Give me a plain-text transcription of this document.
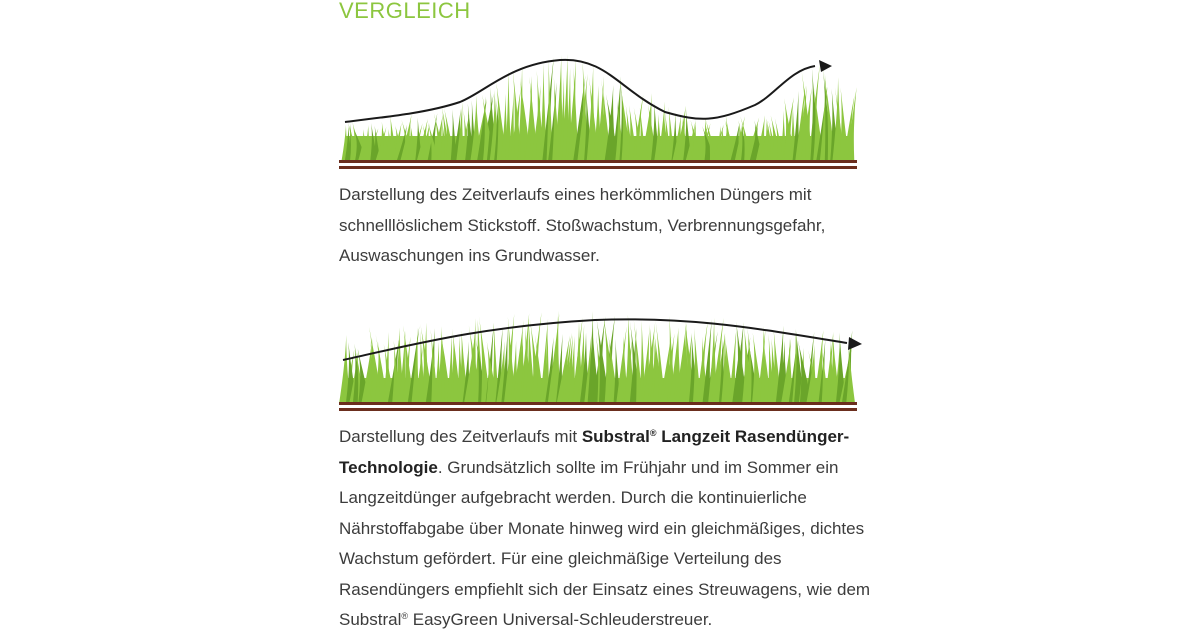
VERGLEICH

Darstellung des Zeitverlaufs eines herkömmlichen Düngers mit schnelllöslichem Stickstoff. Stoßwachstum, Verbrennungsgefahr, Auswaschungen ins Grundwasser.

Darstellung des Zeitverlaufs mit Substral® Langzeit Rasendünger-Technologie. Grundsätzlich sollte im Frühjahr und im Sommer ein Langzeitdünger aufgebracht werden. Durch die kontinuierliche Nährstoffabgabe über Monate hinweg wird ein gleichmäßiges, dichtes Wachstum gefördert. Für eine gleichmäßige Verteilung des Rasendüngers empfiehlt sich der Einsatz eines Streuwagens, wie dem Substral® EasyGreen Universal-Schleuderstreuer.
